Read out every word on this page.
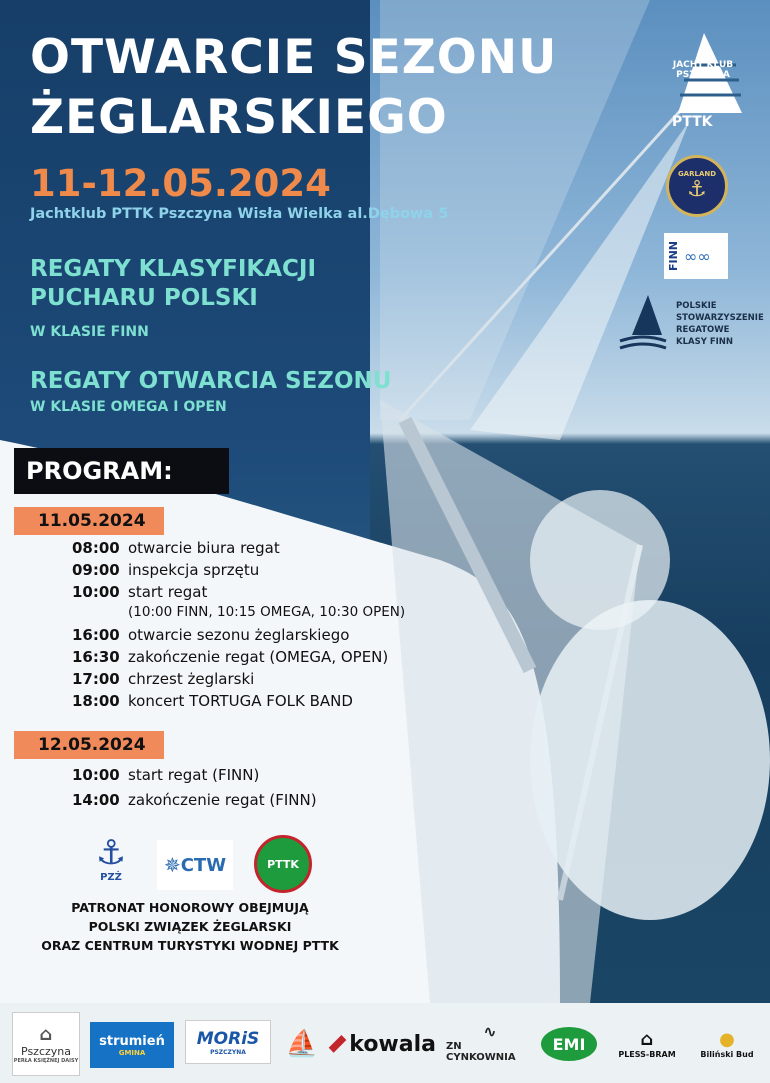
OTWARCIE SEZONU
ŻEGLARSKIEGO
11-12.05.2024
Jachtklub PTTK Pszczyna Wisła Wielka al.Dębowa 5
REGATY KLASYFIKACJI
PUCHARU POLSKI
REGATY OTWARCIA SEZONU
W KLASIE FINN
W KLASIE OMEGA I OPEN
JACHT KLUB PSZCZYNA
PTTK
GARLAND
⚓
FINN ∞∞
POLSKIE
STOWARZYSZENIE
REGATOWE
KLASY FINN
PROGRAM:
11.05.2024
08:00 otwarcie biura regat
09:00 inspekcja sprzętu
10:00 start regat
(10:00 FINN, 10:15 OMEGA, 10:30 OPEN)
16:00 otwarcie sezonu żeglarskiego
16:30 zakończenie regat (OMEGA, OPEN)
17:00 chrzest żeglarski
18:00 koncert TORTUGA FOLK BAND
12.05.2024
10:00 start regat (FINN)
14:00 zakończenie regat (FINN)
⚓
PZŻ
✵ CTW	PTTK
PATRONAT HONOROWY OBEJMUJĄ
POLSKI ZWIĄZEK ŻEGLARSKI
ORAZ CENTRUM TURYSTYKI WODNEJ PTTK
⌂
Pszczyna
PERŁA KSIĘŻNEJ DAISY
strumień
GMINA
MORiS
PSZCZYNA ⛵ kowala
∿
ZN CYNKOWNIA
EMI	⌂
PLESS-BRAM
●
Biliński Bud
